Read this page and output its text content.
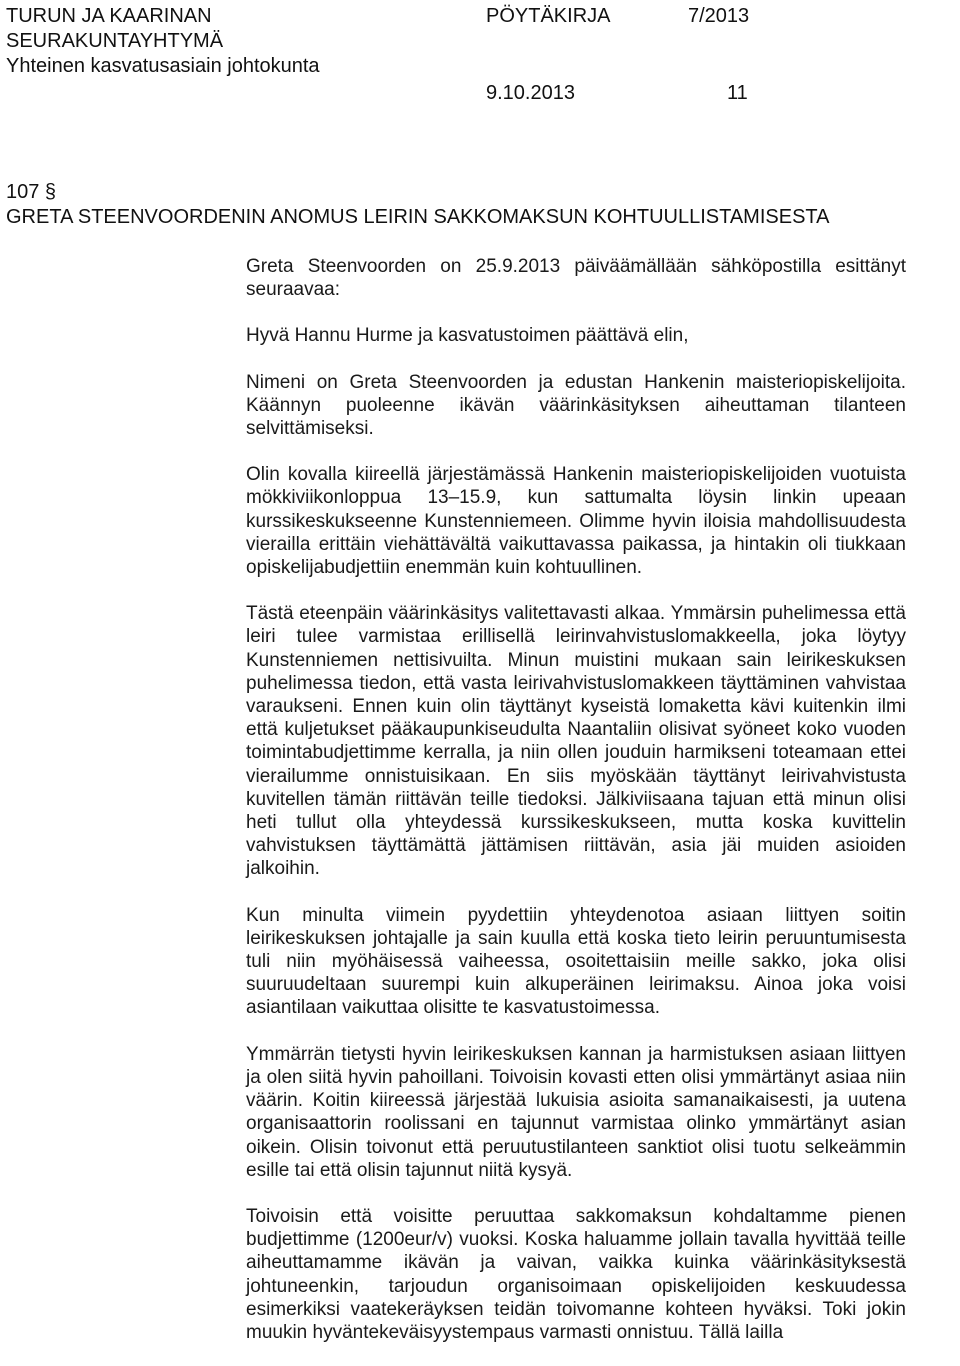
TURUN JA KAARINAN
SEURAKUNTAYHTYMÄ
Yhteinen kasvatusasiain johtokunta
PÖYTÄKIRJA	7/2013
9.10.2013	11
107 §
GRETA STEENVOORDENIN ANOMUS LEIRIN SAKKOMAKSUN KOHTUULLISTAMISESTA

Greta Steenvoorden on 25.9.2013 päiväämällään sähköpostilla esittänyt seuraavaa:

Hyvä Hannu Hurme ja kasvatustoimen päättävä elin,

Nimeni on Greta Steenvoorden ja edustan Hankenin maisteriopiskelijoita. Käännyn puoleenne ikävän väärinkäsityksen aiheuttaman tilanteen selvittämiseksi.

Olin kovalla kiireellä järjestämässä Hankenin maisteriopiskelijoiden vuotuista mökkiviikonloppua 13–15.9, kun sattumalta löysin linkin upeaan kurssikeskukseenne Kunstenniemeen. Olimme hyvin iloisia mahdollisuudesta vierailla erittäin viehättävältä vaikuttavassa paikassa, ja hintakin oli tiukkaan opiskelijabudjettiin enemmän kuin kohtuullinen.

Tästä eteenpäin väärinkäsitys valitettavasti alkaa. Ymmärsin puhelimessa että leiri tulee varmistaa erillisellä leirinvahvistuslomakkeella, joka löytyy Kunstenniemen nettisivuilta. Minun muistini mukaan sain leirikeskuksen puhelimessa tiedon, että vasta leirivahvistuslomakkeen täyttäminen vahvistaa varaukseni. Ennen kuin olin täyttänyt kyseistä lomaketta kävi kuitenkin ilmi että kuljetukset pääkaupunkiseudulta Naantaliin olisivat syöneet koko vuoden toimintabudjettimme kerralla, ja niin ollen jouduin harmikseni toteamaan ettei vierailumme onnistuisikaan. En siis myöskään täyttänyt leirivahvistusta kuvitellen tämän riittävän teille tiedoksi. Jälkiviisaana tajuan että minun olisi heti tullut olla yhteydessä kurssikeskukseen, mutta koska kuvittelin vahvistuksen täyttämättä jättämisen riittävän, asia jäi muiden asioiden jalkoihin.

Kun minulta viimein pyydettiin yhteydenotoa asiaan liittyen soitin leirikeskuksen johtajalle ja sain kuulla että koska tieto leirin peruuntumisesta tuli niin myöhäisessä vaiheessa, osoitettaisiin meille sakko, joka olisi suuruudeltaan suurempi kuin alkuperäinen leirimaksu. Ainoa joka voisi asiantilaan vaikuttaa olisitte te kasvatustoimessa.

Ymmärrän tietysti hyvin leirikeskuksen kannan ja harmistuksen asiaan liittyen ja olen siitä hyvin pahoillani. Toivoisin kovasti etten olisi ymmärtänyt asiaa niin väärin. Koitin kiireessä järjestää lukuisia asioita samanaikaisesti, ja uutena organisaattorin roolissani en tajunnut varmistaa olinko ymmärtänyt asian oikein. Olisin toivonut että peruutustilanteen sanktiot olisi tuotu selkeämmin esille tai että olisin tajunnut niitä kysyä.

Toivoisin että voisitte peruuttaa sakkomaksun kohdaltamme pienen budjettimme (1200eur/v) vuoksi. Koska haluamme jollain tavalla hyvittää teille aiheuttamamme ikävän ja vaivan, vaikka kuinka väärinkäsityksestä johtuneenkin, tarjoudun organisoimaan opiskelijoiden keskuudessa esimerkiksi vaatekeräyksen teidän toivomanne kohteen hyväksi. Toki jokin muukin hyväntekeväisyystempaus varmasti onnistuu. Tällä lailla
